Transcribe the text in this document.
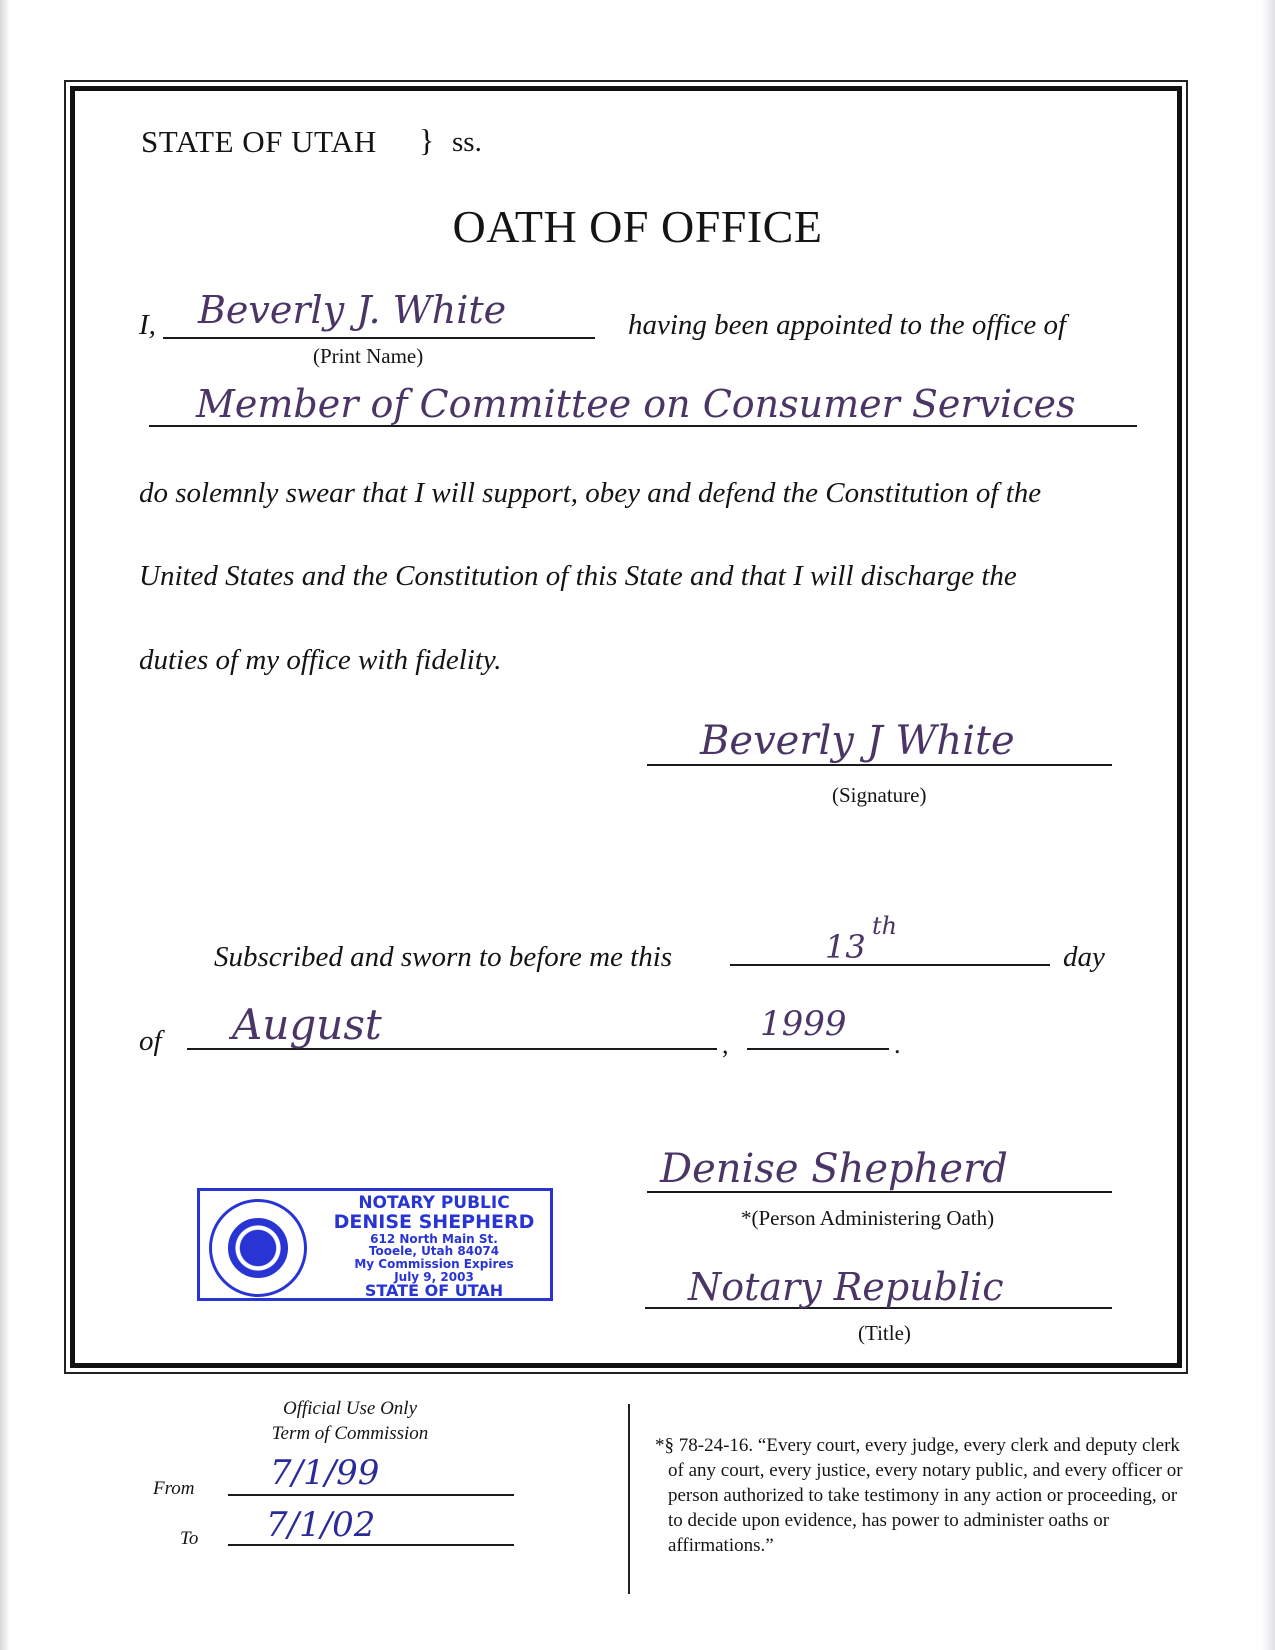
STATE OF UTAH } ss.
OATH OF OFFICE
I, Beverly J. White	having been appointed to the office of
(Print Name)
Member of Committee on Consumer Services
do solemnly swear that I will support, obey and defend the Constitution of the
United States and the Constitution of this State and that I will discharge the
duties of my office with fidelity.
Beverly J White
(Signature)
Subscribed and sworn to before me this	13
th
day
of August	,
1999
.
Denise Shepherd
*(Person Administering Oath)
Notary Republic
(Title)
NOTARY PUBLIC
DENISE SHEPHERD
612 North Main St.
Tooele, Utah 84074
My Commission Expires
July 9, 2003
STATE OF UTAH
Official Use Only
Term of Commission
From 7/1/99
To 7/1/02
*§ 78-24-16. “Every court, every judge, every clerk and deputy clerk of any court, every justice, every notary public, and every officer or person authorized to take testimony in any action or proceeding, or to decide upon evidence, has power to administer oaths or affirmations.”
